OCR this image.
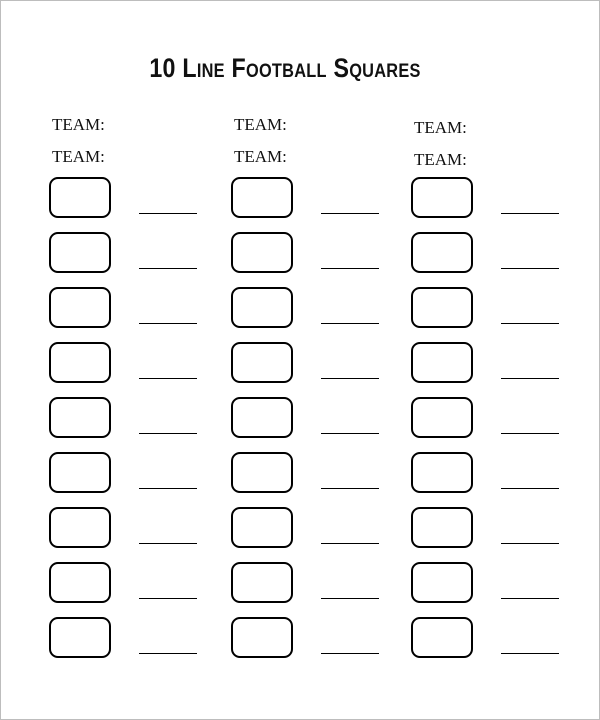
10 Line Football Squares
TEAM:
TEAM:
TEAM:
TEAM:
TEAM:
TEAM:
